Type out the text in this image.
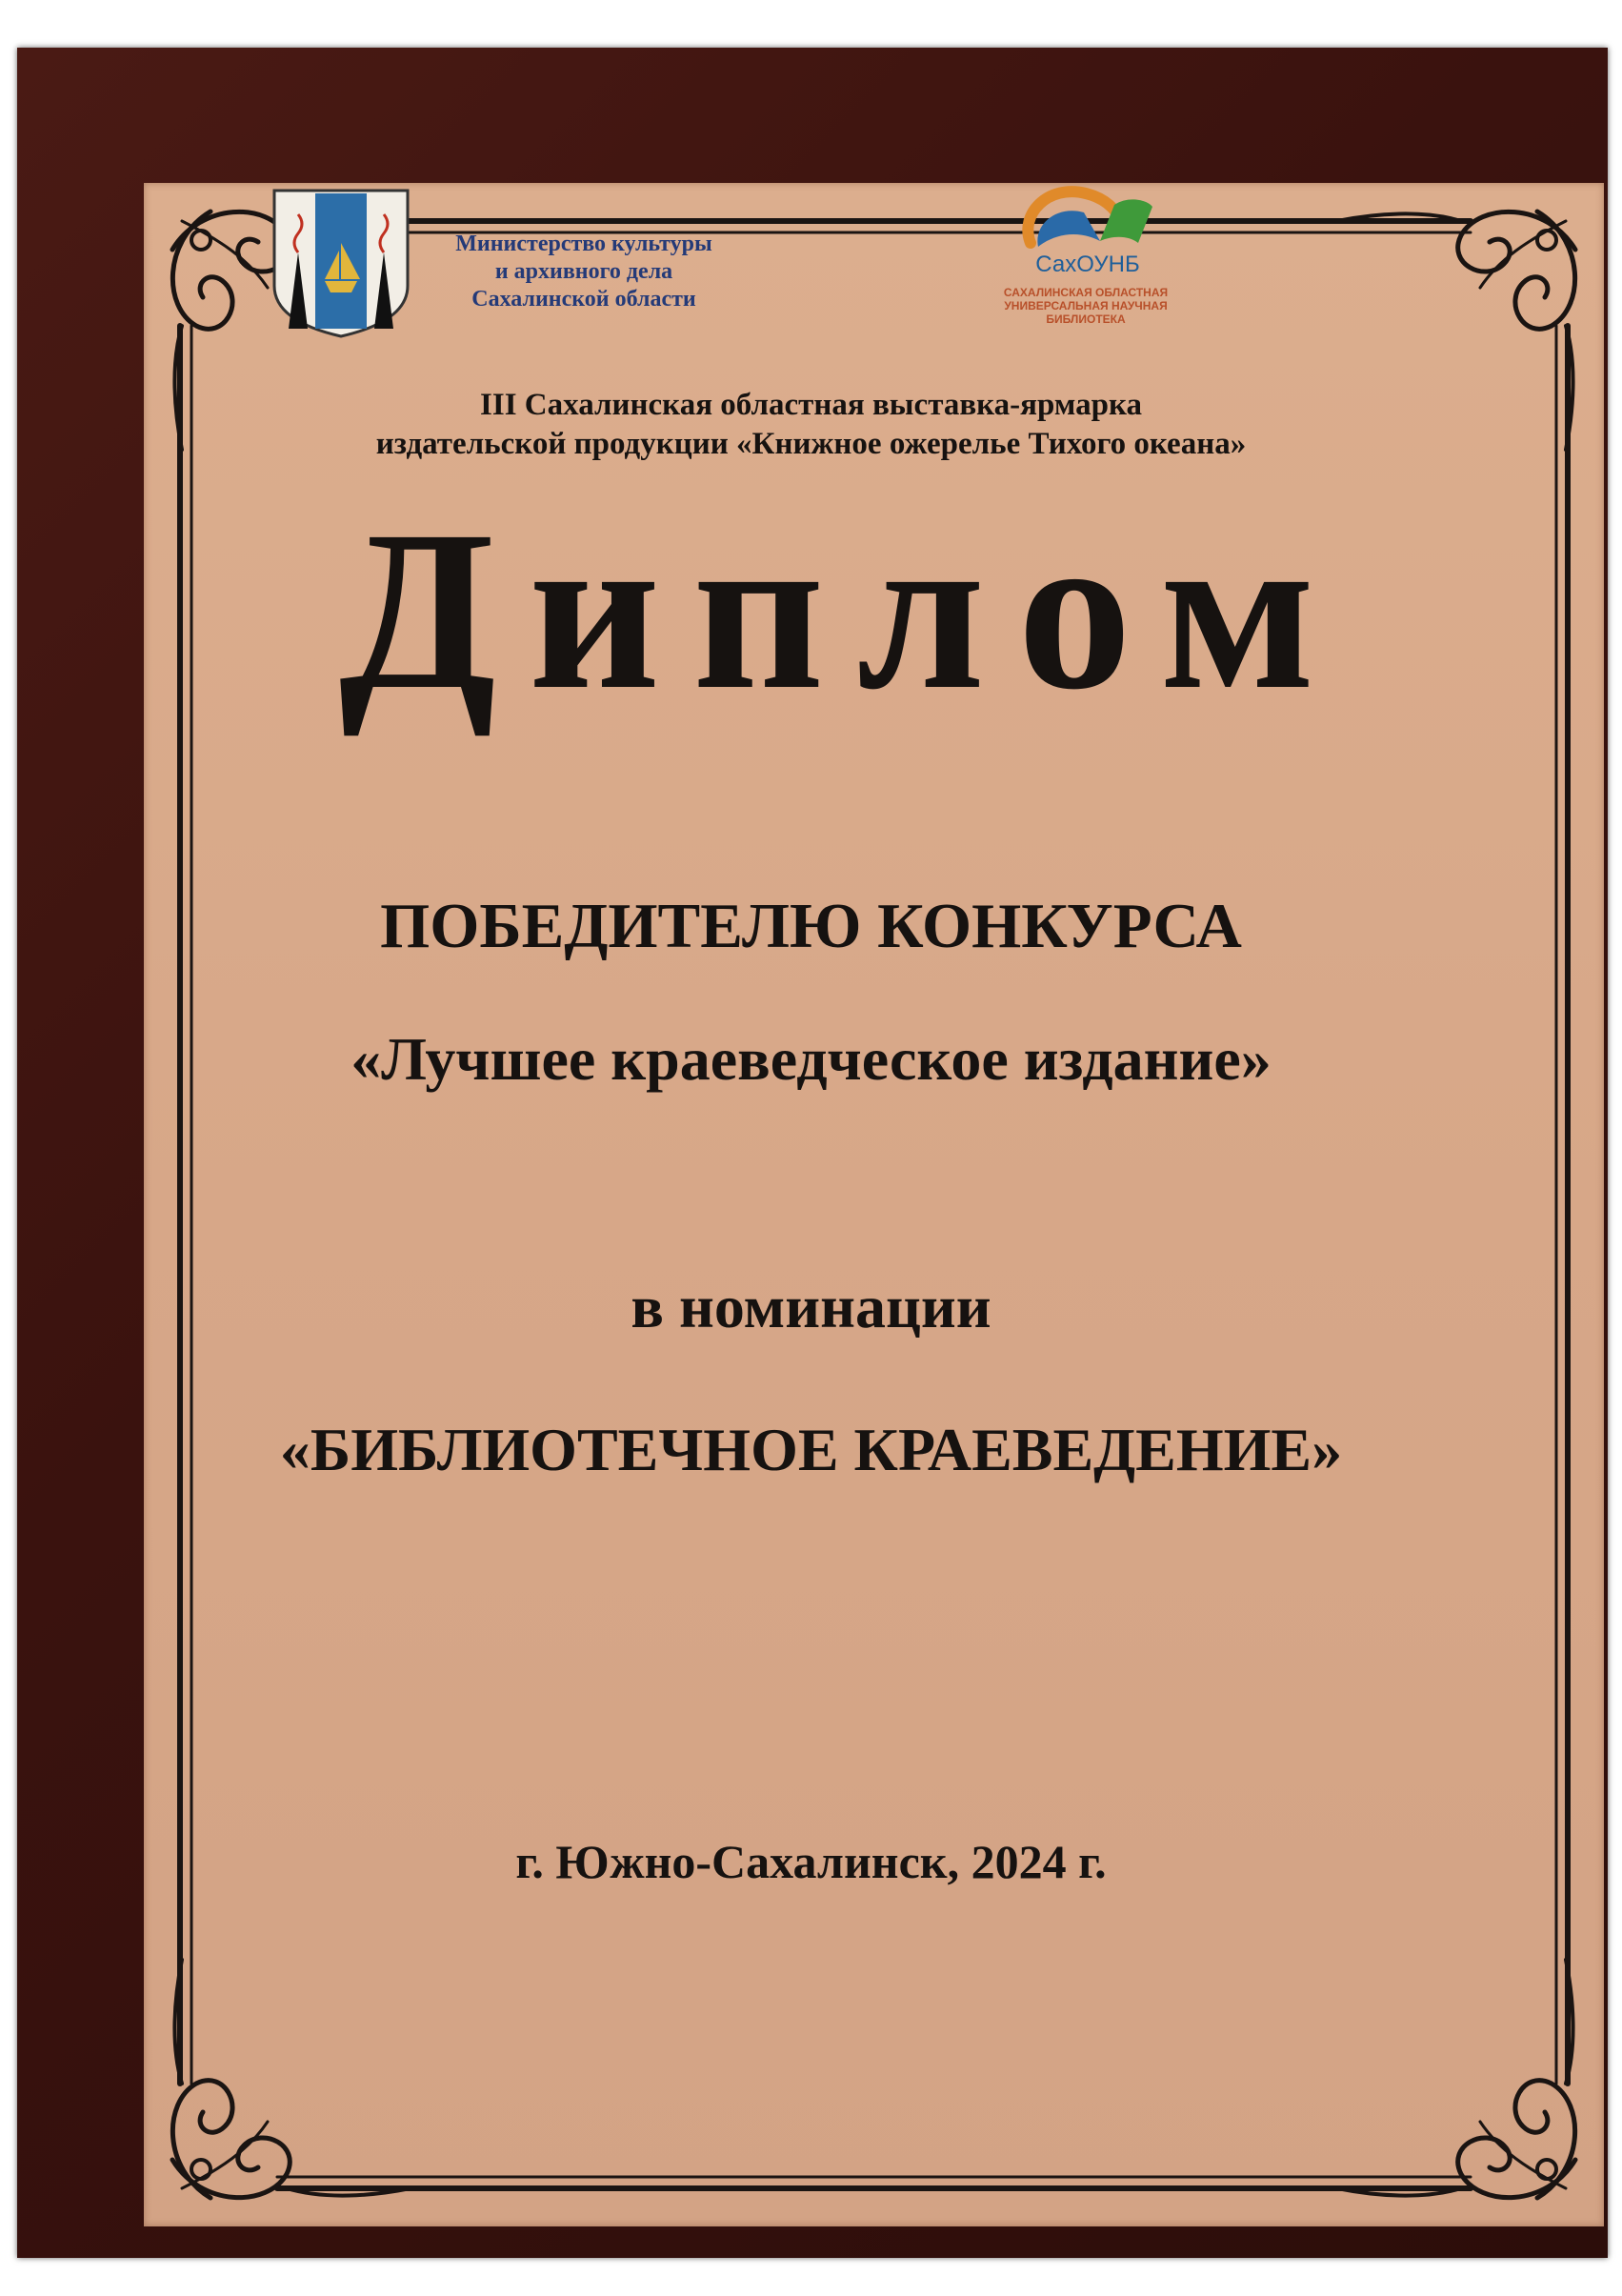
Министерство культуры
и архивного дела
Сахалинской области
СахОУНБ
САХАЛИНСКАЯ ОБЛАСТНАЯ
УНИВЕРСАЛЬНАЯ НАУЧНАЯ
БИБЛИОТЕКА
III Сахалинская областная выставка-ярмарка
издательской продукции «Книжное ожерелье Тихого океана»
Диплом
ПОБЕДИТЕЛЮ КОНКУРСА
«Лучшее краеведческое издание»
в номинации
«БИБЛИОТЕЧНОЕ КРАЕВЕДЕНИЕ»
г. Южно-Сахалинск, 2024 г.
